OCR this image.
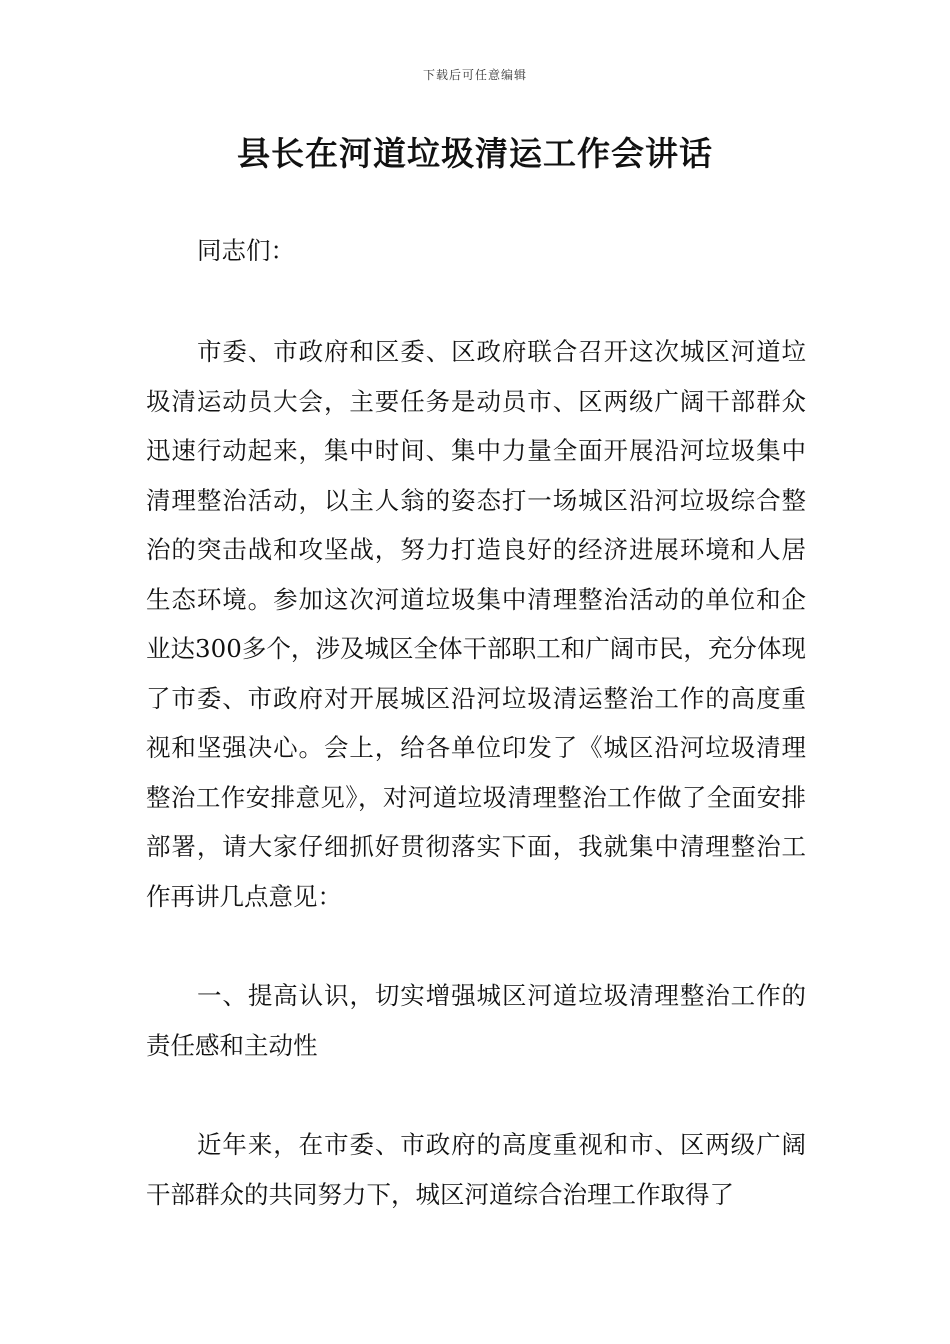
下载后可任意编辑
县长在河道垃圾清运工作会讲话

同志们：

市委、市政府和区委、区政府联合召开这次城区河道垃圾清运动员大会，主要任务是动员市、区两级广阔干部群众迅速行动起来，集中时间、集中力量全面开展沿河垃圾集中清理整治活动，以主人翁的姿态打一场城区沿河垃圾综合整治的突击战和攻坚战，努力打造良好的经济进展环境和人居生态环境。参加这次河道垃圾集中清理整治活动的单位和企业达300多个，涉及城区全体干部职工和广阔市民，充分体现了市委、市政府对开展城区沿河垃圾清运整治工作的高度重视和坚强决心。会上，给各单位印发了《城区沿河垃圾清理整治工作安排意见》，对河道垃圾清理整治工作做了全面安排部署，请大家仔细抓好贯彻落实下面，我就集中清理整治工作再讲几点意见：

一、提高认识，切实增强城区河道垃圾清理整治工作的责任感和主动性

近年来，在市委、市政府的高度重视和市、区两级广阔干部群众的共同努力下，城区河道综合治理工作取得了
